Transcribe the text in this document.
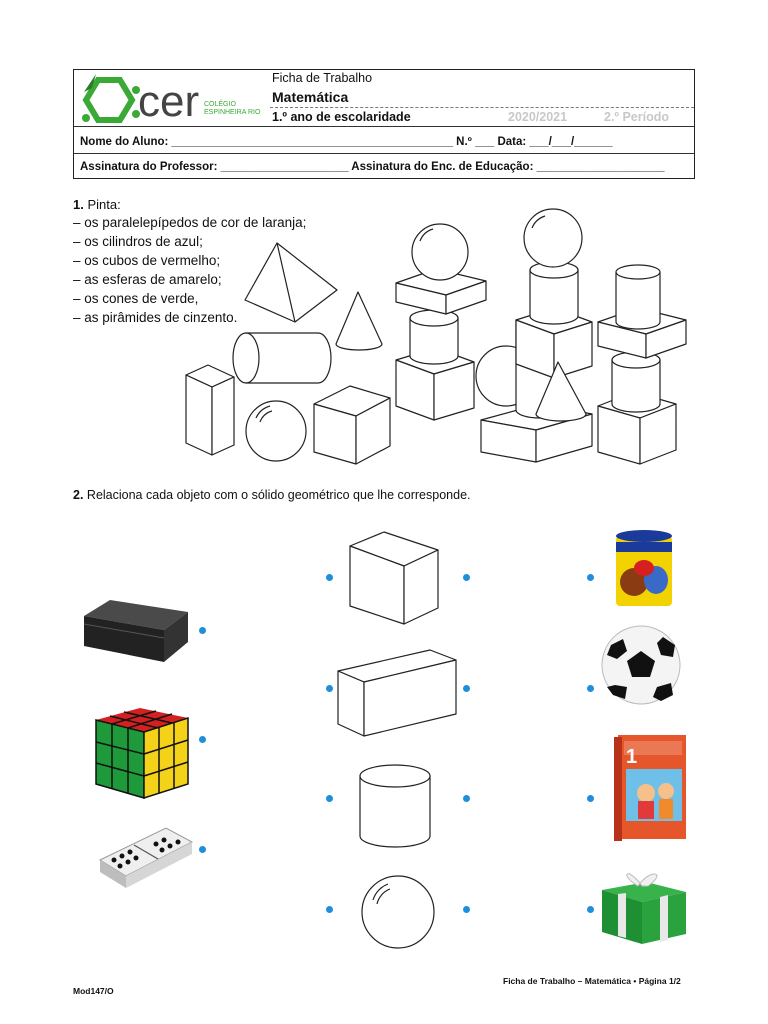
cer COLÉGIO
ESPINHEIRA RIO
Ficha de Trabalho
Matemática
1.º ano de escolaridade	2020/2021	2.º Período
Nome do Aluno: ____________________________________________ N.º ___ Data: ___/___/______
Assinatura do Professor: ____________________ Assinatura do Enc. de Educação: ____________________
1. Pinta:
– os paralelepípedos de cor de laranja;
– os cilindros de azul;
– os cubos de vermelho;
– as esferas de amarelo;
– os cones de verde,
– as pirâmides de cinzento.
2. Relaciona cada objeto com o sólido geométrico que lhe corresponde.
1
Ficha de Trabalho – Matemática • Página 1/2
Mod147/O
